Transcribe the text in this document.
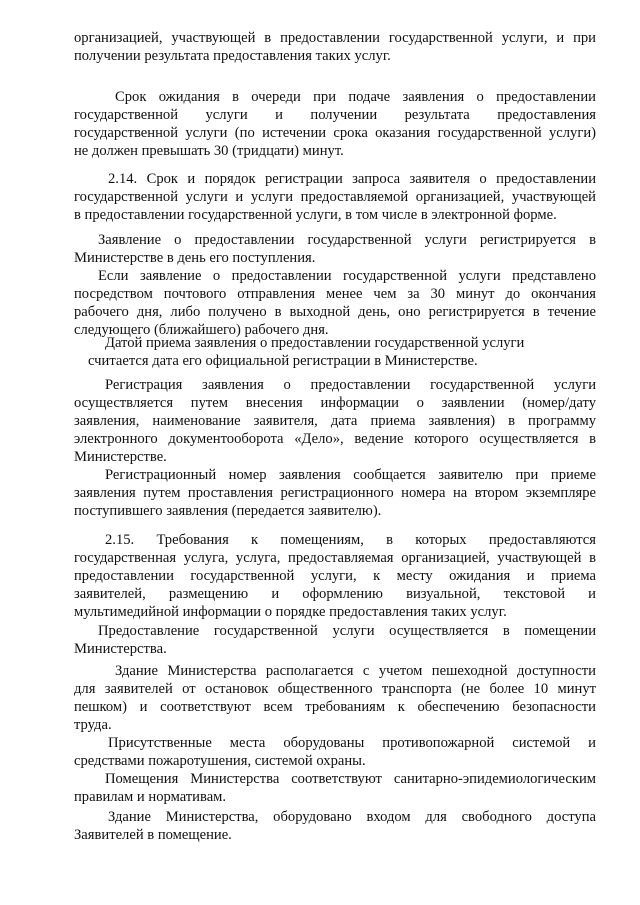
организацией, участвующей в предоставлении государственной услуги, и при
получении результата предоставления таких услуг.
Срок ожидания в очереди при подаче заявления о предоставлении
государственной услуги и получении результата предоставления
государственной услуги (по истечении срока оказания государственной услуги)
не должен превышать 30 (тридцати) минут.
2.14. Срок и порядок регистрации запроса заявителя о предоставлении
государственной услуги и услуги предоставляемой организацией, участвующей
в предоставлении государственной услуги, в том числе в электронной форме.
Заявление о предоставлении государственной услуги регистрируется в
Министерстве в день его поступления.
Если заявление о предоставлении государственной услуги представлено
посредством почтового отправления менее чем за 30 минут до окончания
рабочего дня, либо получено в выходной день, оно регистрируется в течение
следующего (ближайшего) рабочего дня.
Датой приема заявления о предоставлении государственной услуги
считается дата его официальной регистрации в Министерстве.
Регистрация заявления о предоставлении государственной услуги
осуществляется путем внесения информации о заявлении (номер/дату
заявления, наименование заявителя, дата приема заявления) в программу
электронного документооборота «Дело», ведение которого осуществляется в
Министерстве.
Регистрационный номер заявления сообщается заявителю при приеме
заявления путем проставления регистрационного номера на втором экземпляре
поступившего заявления (передается заявителю).
2.15. Требования к помещениям, в которых предоставляются
государственная услуга, услуга, предоставляемая организацией, участвующей в
предоставлении государственной услуги, к месту ожидания и приема
заявителей, размещению и оформлению визуальной, текстовой и
мультимедийной информации о порядке предоставления таких услуг.
Предоставление государственной услуги осуществляется в помещении
Министерства.
Здание Министерства располагается с учетом пешеходной доступности
для заявителей от остановок общественного транспорта (не более 10 минут
пешком) и соответствуют всем требованиям к обеспечению безопасности
труда.
Присутственные места оборудованы противопожарной системой и
средствами пожаротушения, системой охраны.
Помещения Министерства соответствуют санитарно-эпидемиологическим
правилам и нормативам.
Здание Министерства, оборудовано входом для свободного доступа
Заявителей в помещение.
